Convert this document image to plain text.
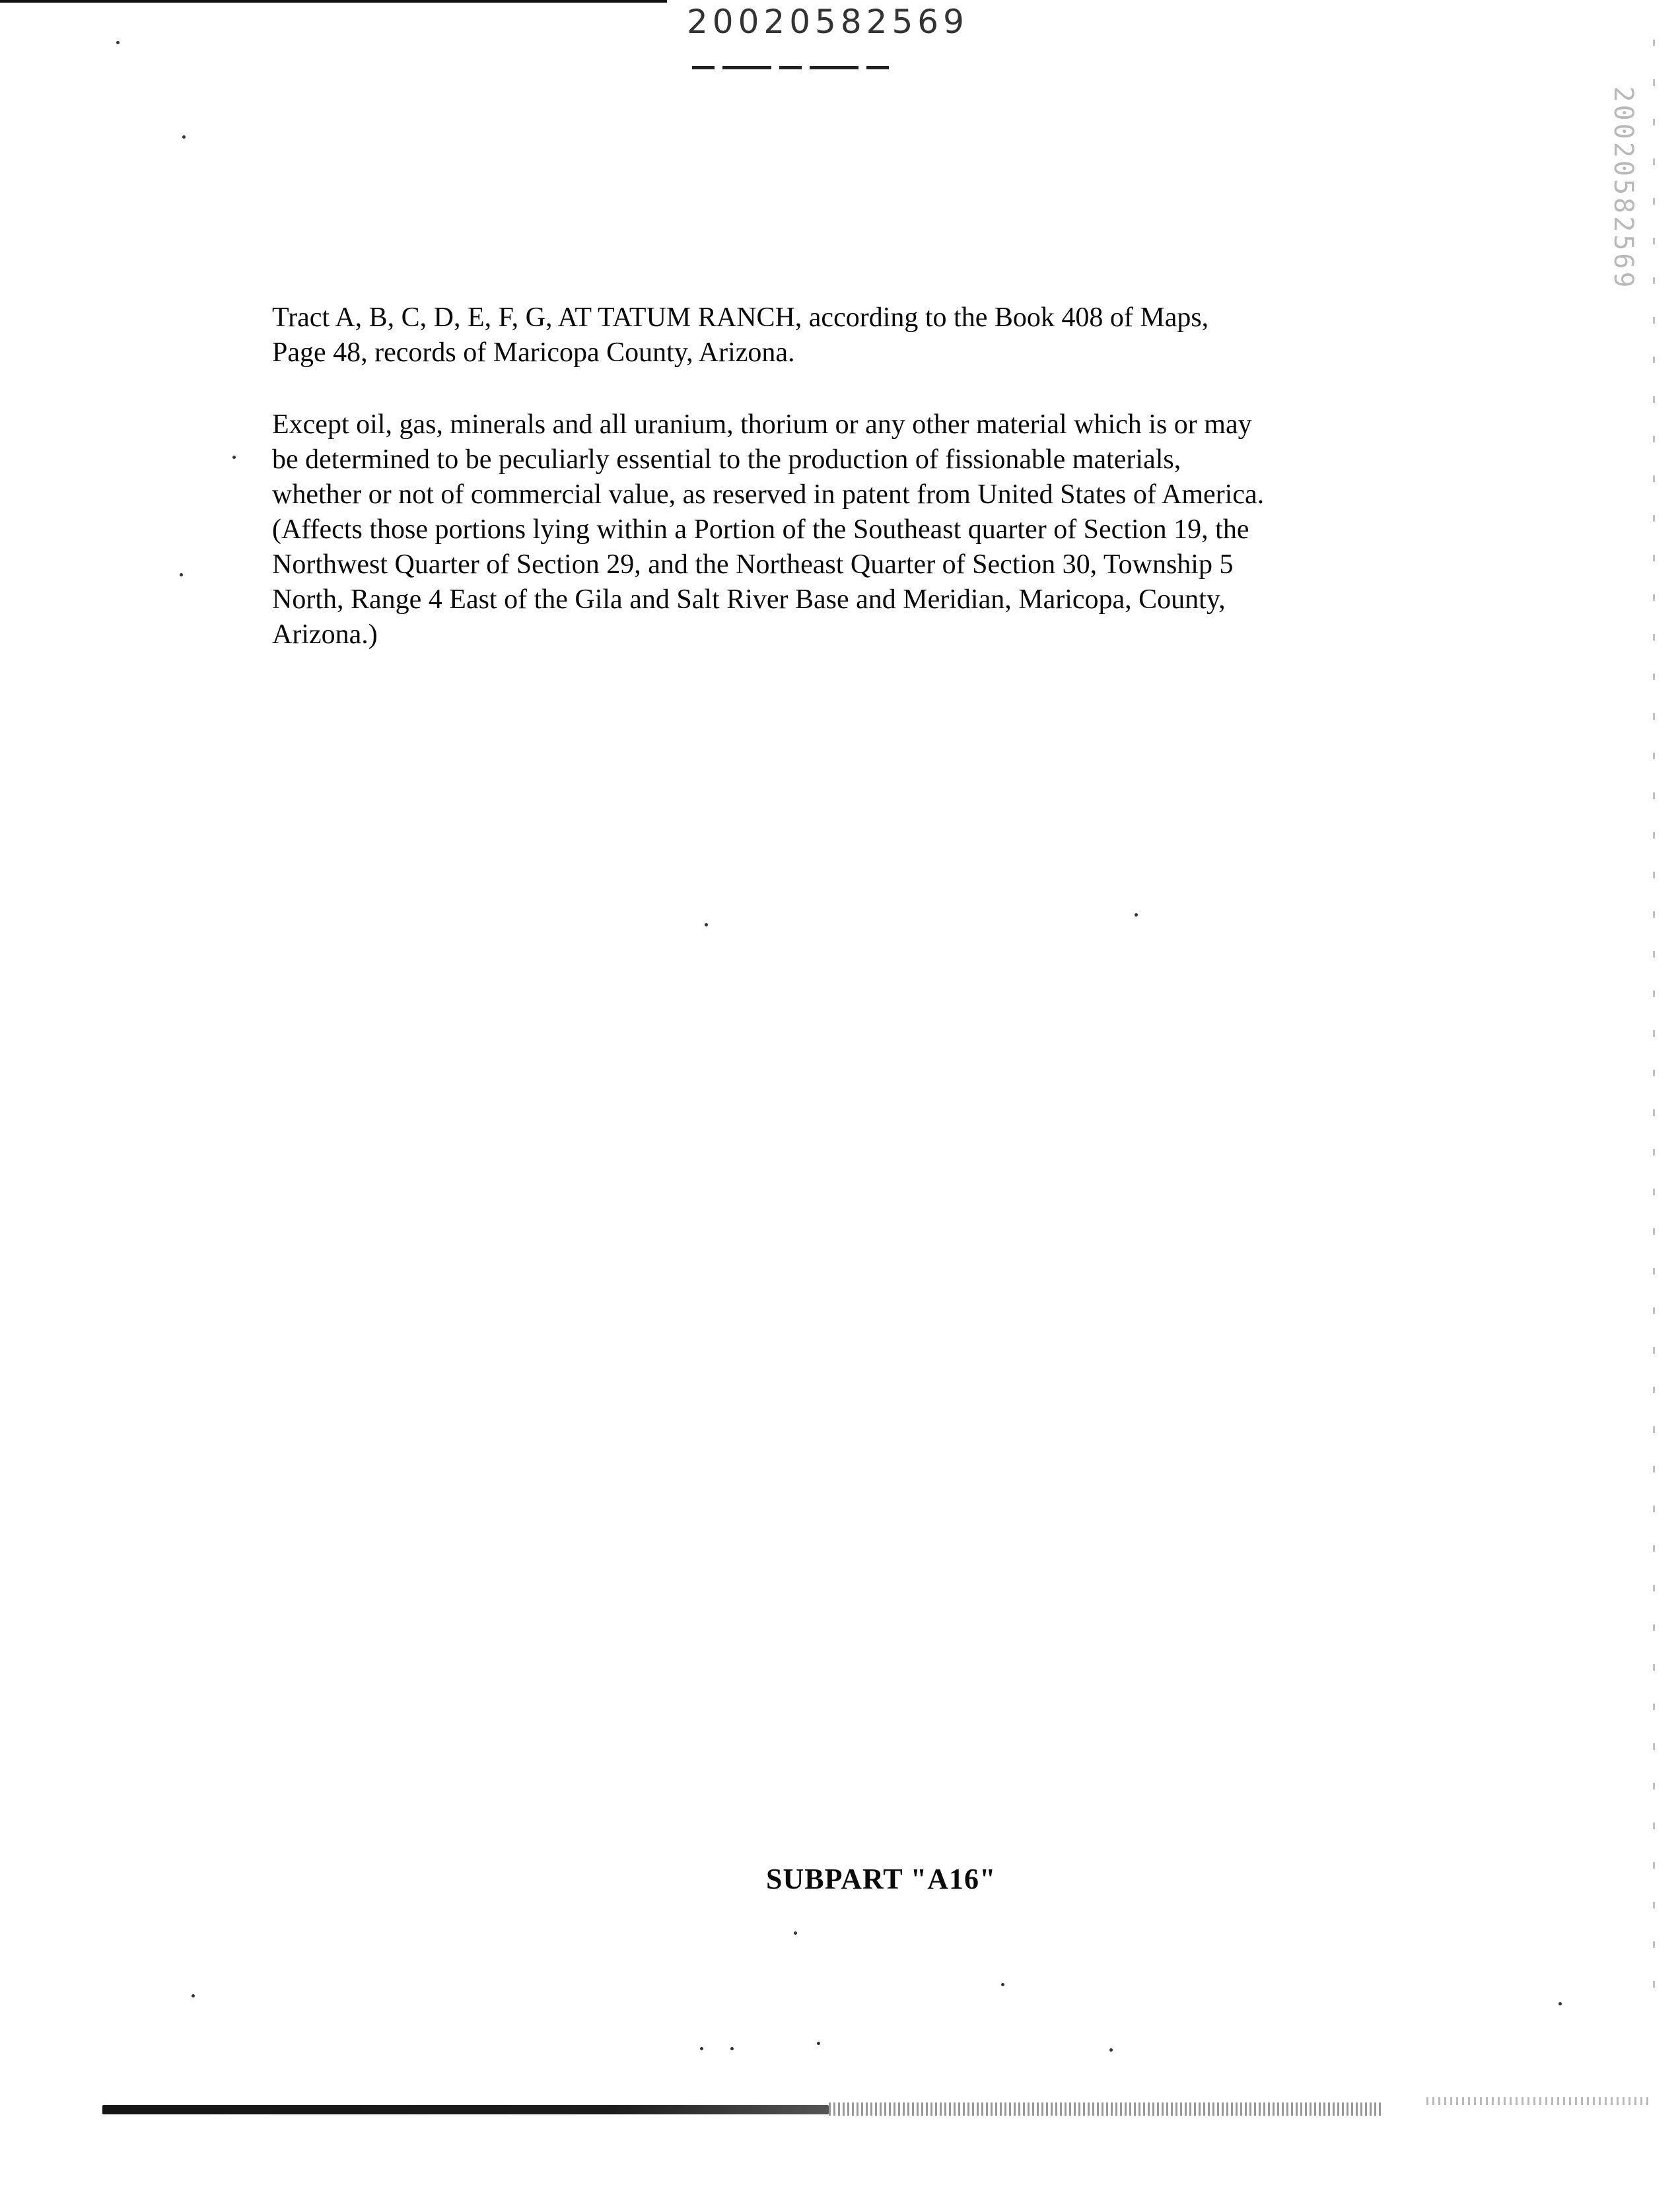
20020582569
20020582569

Tract A, B, C, D, E, F, G, AT TATUM RANCH, according to the Book 408 of Maps,
Page 48, records of Maricopa County, Arizona.

Except oil, gas, minerals and all uranium, thorium or any other material which is or may
be determined to be peculiarly essential to the production of fissionable materials,
whether or not of commercial value, as reserved in patent from United States of America.
(Affects those portions lying within a Portion of the Southeast quarter of Section 19, the
Northwest Quarter of Section 29, and the Northeast Quarter of Section 30, Township 5
North, Range 4 East of the Gila and Salt River Base and Meridian, Maricopa, County,
Arizona.)

SUBPART "A16"
